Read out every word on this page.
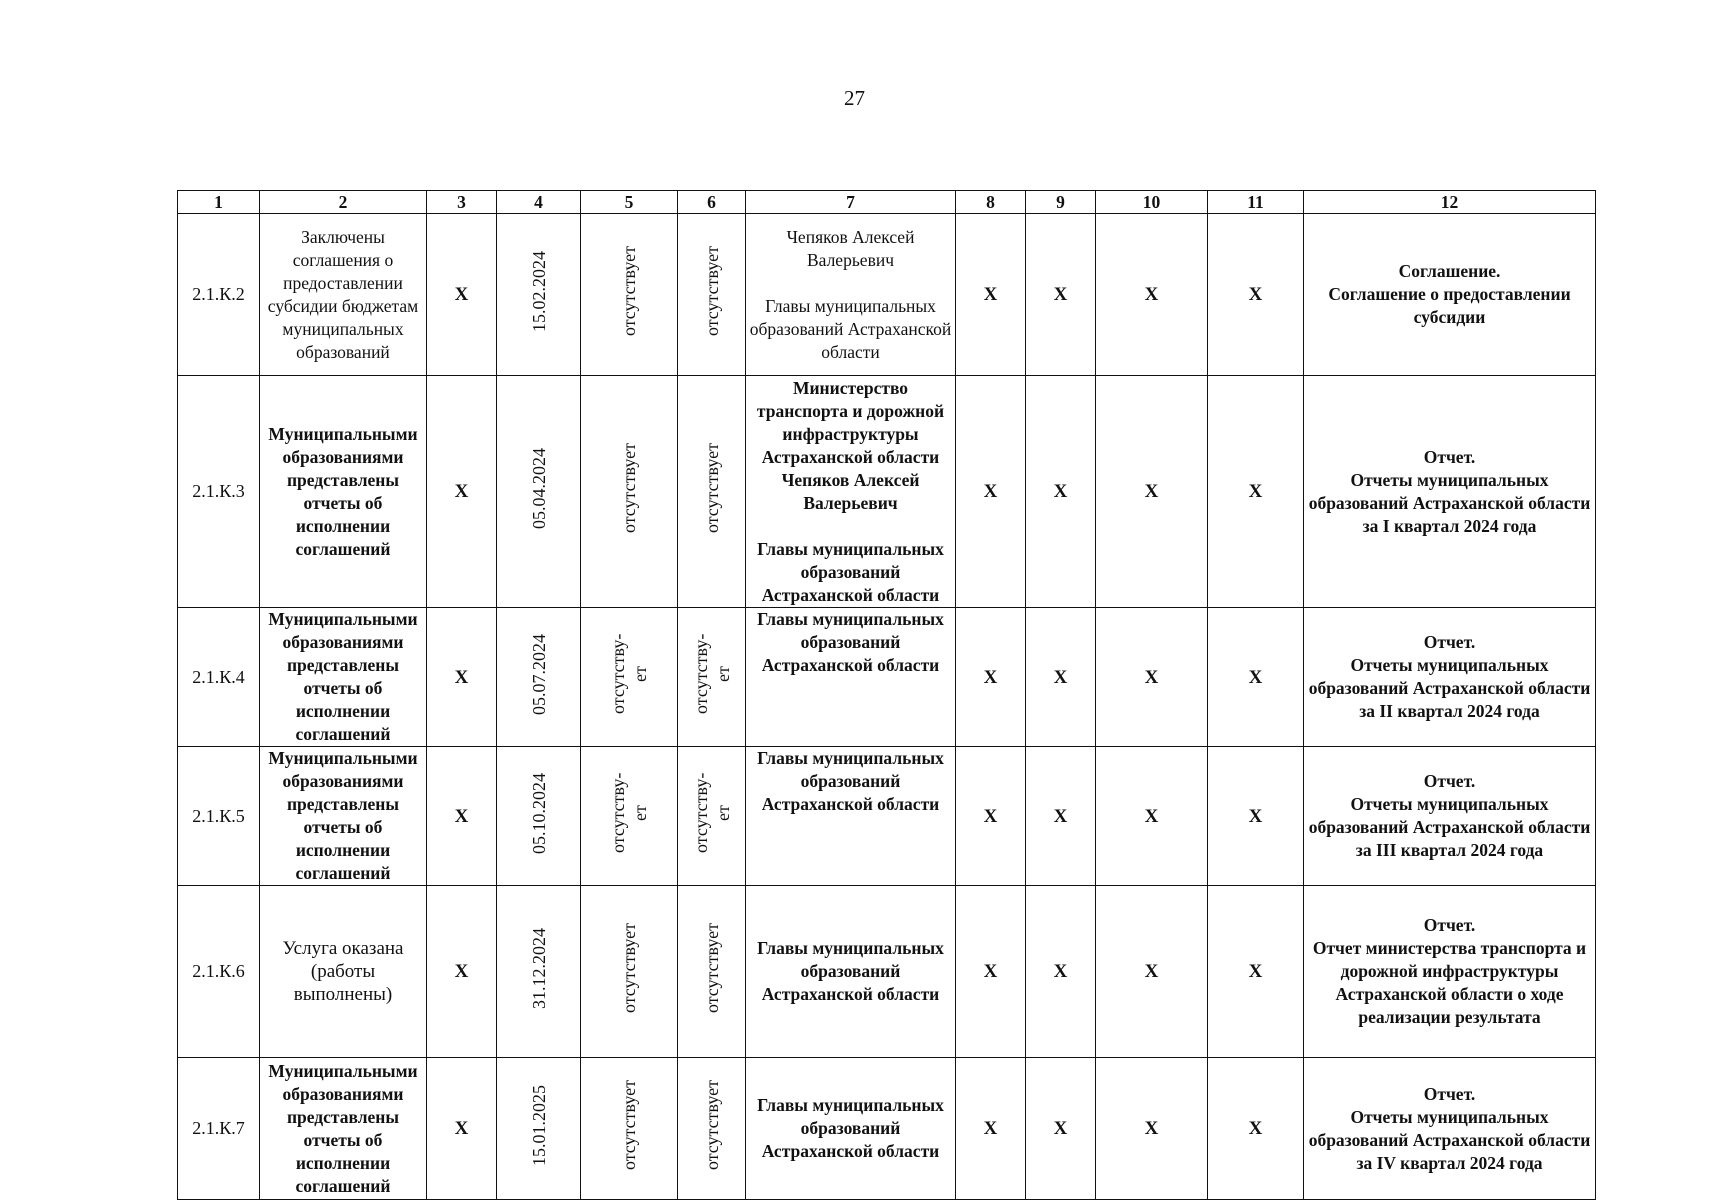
27
1	2	3	4	5	6	7	8	9	10	11	12
2.1.К.2	Заключены соглашения о предоставлении субсидии бюджетам муниципальных образований	Х	15.02.2024	отсутствует	отсутствует	Чепяков Алексей Валерьевич
Главы муниципальных образований Астраханской области	Х	Х	Х	Х	Соглашение.
Соглашение о предоставлении субсидии

2.1.К.3	Муниципальными образованиями представлены отчеты об исполнении соглашений	Х	05.04.2024	отсутствует	отсутствует	Министерство транспорта и дорожной инфраструктуры Астраханской области Чепяков Алексей Валерьевич
Главы муниципальных образований Астраханской области	Х	Х	Х	Х	Отчет.
Отчеты муниципальных образований Астраханской области за I квартал 2024 года

2.1.К.4	Муниципальными образованиями представлены отчеты об исполнении соглашений	Х	05.07.2024	отсутству-ет	отсутству-ет	Главы муниципальных образований Астраханской области	Х	Х	Х	Х	Отчет.
Отчеты муниципальных образований Астраханской области за II квартал 2024 года

2.1.К.5	Муниципальными образованиями представлены отчеты об исполнении соглашений	Х	05.10.2024	отсутству-ет	отсутству-ет	Главы муниципальных образований Астраханской области	Х	Х	Х	Х	Отчет.
Отчеты муниципальных образований Астраханской области за III квартал 2024 года

2.1.К.6	Услуга оказана (работы выполнены)	Х	31.12.2024	отсутствует	отсутствует	Главы муниципальных образований Астраханской области	Х	Х	Х	Х	Отчет.
Отчет министерства транспорта и дорожной инфраструктуры Астраханской области о ходе реализации результата

2.1.К.7	Муниципальными образованиями представлены отчеты об исполнении соглашений	Х	15.01.2025	отсутствует	отсутствует	Главы муниципальных образований Астраханской области	Х	Х	Х	Х	Отчет.
Отчеты муниципальных образований Астраханской области за IV квартал 2024 года
